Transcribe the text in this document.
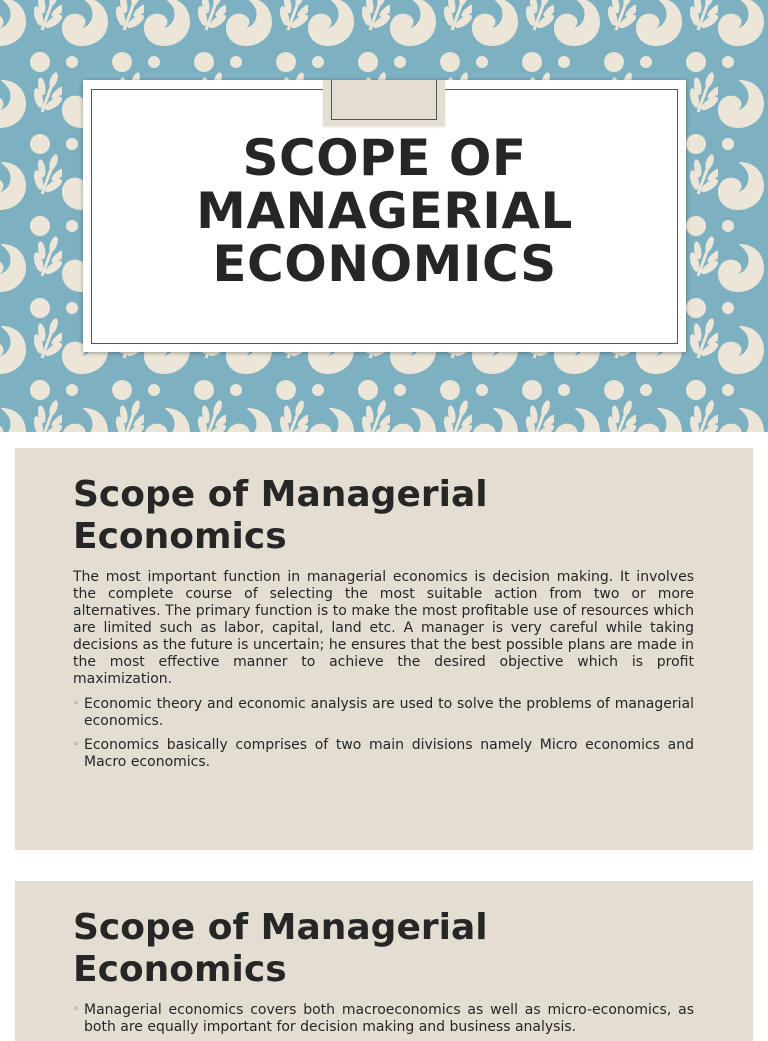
SCOPE OF
MANAGERIAL
ECONOMICS
Scope of Managerial Economics

The most important function in managerial economics is decision making. It involves the complete course of selecting the most suitable action from two or more alternatives. The primary function is to make the most profitable use of resources which are limited such as labor, capital, land etc. A manager is very careful while taking decisions as the future is uncertain; he ensures that the best possible plans are made in the most effective manner to achieve the desired objective which is profit maximization.

◦ Economic theory and economic analysis are used to solve the problems of managerial economics.
◦ Economics basically comprises of two main divisions namely Micro economics and Macro economics.
Scope of Managerial Economics
◦ Managerial economics covers both macroeconomics as well as micro-economics, as both are equally important for decision making and business analysis.
